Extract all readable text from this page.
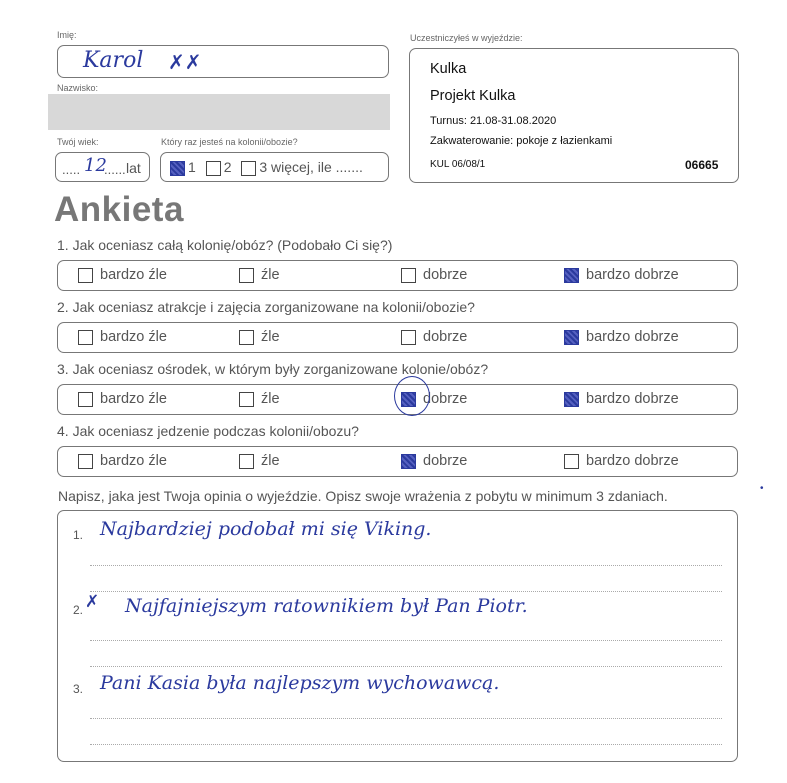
Imię:
Karol ✗✗
Nazwisko:
Twój wiek:
..... 12
...... lat
Który raz jesteś na kolonii/obozie?
1 2 3 więcej, ile .......
Uczestniczyłeś w wyjeździe:
Kulka
Projekt Kulka
Turnus: 21.08-31.08.2020
Zakwaterowanie: pokoje z łazienkami
KUL 06/08/1	06665
Ankieta
1. Jak oceniasz całą kolonię/obóz? (Podobało Ci się?)
bardzo źle	źle	dobrze	bardzo dobrze
2. Jak oceniasz atrakcje i zajęcia zorganizowane na kolonii/obozie?
bardzo źle	źle	dobrze	bardzo dobrze
3. Jak oceniasz ośrodek, w którym były zorganizowane kolonie/obóz?
bardzo źle	źle	dobrze	bardzo dobrze
4. Jak oceniasz jedzenie podczas kolonii/obozu?
bardzo źle	źle	dobrze	bardzo dobrze
Napisz, jaka jest Twoja opinia o wyjeździe. Opisz swoje wrażenia z pobytu w minimum 3 zdaniach.	•
1. Najbardziej podobał mi się Viking.
2. ✗ Najfajniejszym ratownikiem był Pan Piotr.
3. Pani Kasia była najlepszym wychowawcą.
